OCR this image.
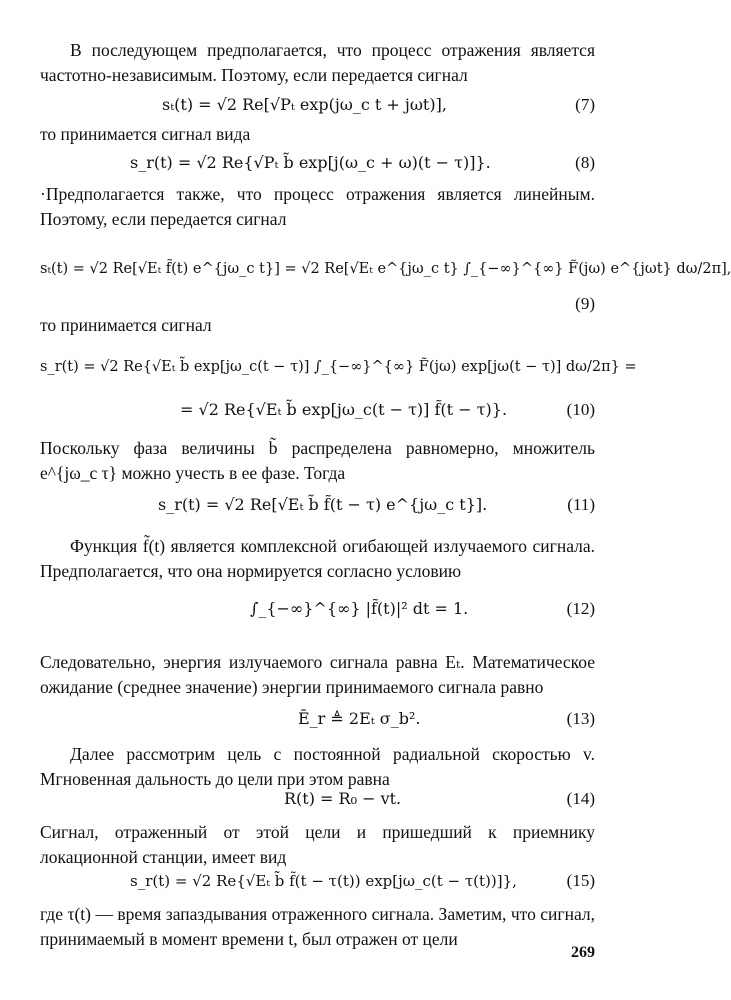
В последующем предполагается, что процесс отражения является частотно-независимым. Поэтому, если передается сигнал

sₜ(t) = √2 Re[√Pₜ exp(jω_c t + jωt)],	(7)

то принимается сигнал вида

s_r(t) = √2 Re{√Pₜ b̃ exp[j(ω_c + ω)(t − τ)]}.	(8)

·Предполагается также, что процесс отражения является линейным. Поэтому, если передается сигнал

sₜ(t) = √2 Re[√Eₜ f̃(t) e^{jω_c t}] = √2 Re[√Eₜ e^{jω_c t} ∫_{−∞}^{∞} F̃(jω) e^{jωt} dω/2π],
(9)

то принимается сигнал

s_r(t) = √2 Re{√Eₜ b̃ exp[jω_c(t − τ)] ∫_{−∞}^{∞} F̃(jω) exp[jω(t − τ)] dω/2π} =
= √2 Re{√Eₜ b̃ exp[jω_c(t − τ)] f̃(t − τ)}.	(10)

Поскольку фаза величины b̃ распределена равномерно, множитель e^{jω_c τ} можно учесть в ее фазе. Тогда

s_r(t) = √2 Re[√Eₜ b̃ f̃(t − τ) e^{jω_c t}].	(11)

Функция f̃(t) является комплексной огибающей излучаемого сигнала. Предполагается, что она нормируется согласно условию

∫_{−∞}^{∞} |f̃(t)|² dt = 1.	(12)

Следовательно, энергия излучаемого сигнала равна Eₜ. Математическое ожидание (среднее значение) энергии принимаемого сигнала равно

Ē_r ≜ 2Eₜ σ_b².	(13)

Далее рассмотрим цель с постоянной радиальной скоростью v. Мгновенная дальность до цели при этом равна

R(t) = R₀ − vt.	(14)

Сигнал, отраженный от этой цели и пришедший к приемнику локационной станции, имеет вид

s_r(t) = √2 Re{√Eₜ b̃ f̃(t − τ(t)) exp[jω_c(t − τ(t))]},	(15)

где τ(t) — время запаздывания отраженного сигнала. Заметим, что сигнал, принимаемый в момент времени t, был отражен от цели

269
